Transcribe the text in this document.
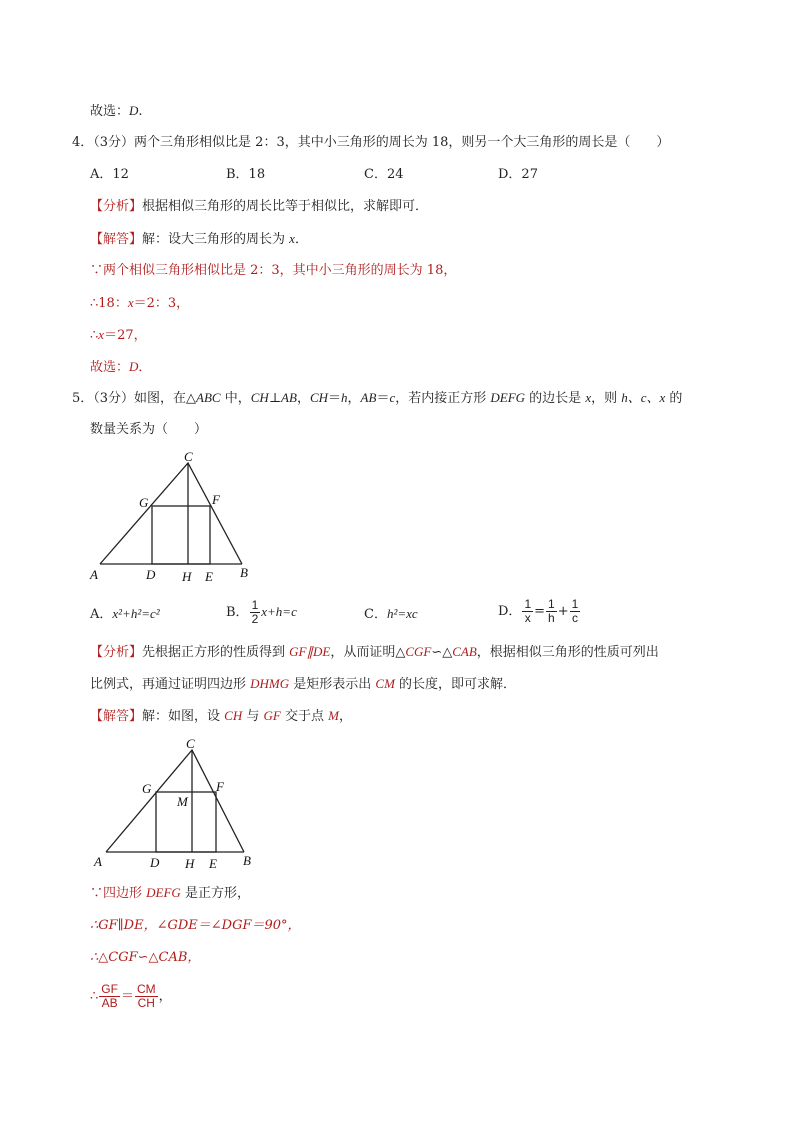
故选：D.
4．（3分）两个三角形相似比是 2：3，其中小三角形的周长为 18，则另一个大三角形的周长是（　　）
A．12	B．18	C．24	D．27
【分析】根据相似三角形的周长比等于相似比，求解即可．
【解答】解：设大三角形的周长为 x．
∵两个相似三角形相似比是 2：3，其中小三角形的周长为 18，
∴18：x＝2：3，
∴x＝27，
故选：D．
5．（3分）如图，在△ABC 中，CH⊥AB，CH＝h，AB＝c，若内接正方形 DEFG 的边长是 x，则 h、c、x 的
数量关系为（　　）
C
G	F
A	D H E B
A．x²+h²=c²	B． $\frac{1}{2} x+h=c$	C．h²=xc	D． $\frac{1}{x} = \frac{1}{h} + \frac{1}{c}$
【分析】先根据正方形的性质得到 GF∥DE，从而证明△CGF∽△CAB，根据相似三角形的性质可列出
比例式，再通过证明四边形 DHMG 是矩形表示出 CM 的长度，即可求解．
【解答】解：如图，设 CH 与 GF 交于点 M，
C
G	F
M
A	D H E B
∵四边形 DEFG 是正方形，
∴GF∥DE，∠GDE＝∠DGF＝90°，
∴△CGF∽△CAB，
∴ $\frac{GF}{AB} = \frac{CM}{CH}$ ，
